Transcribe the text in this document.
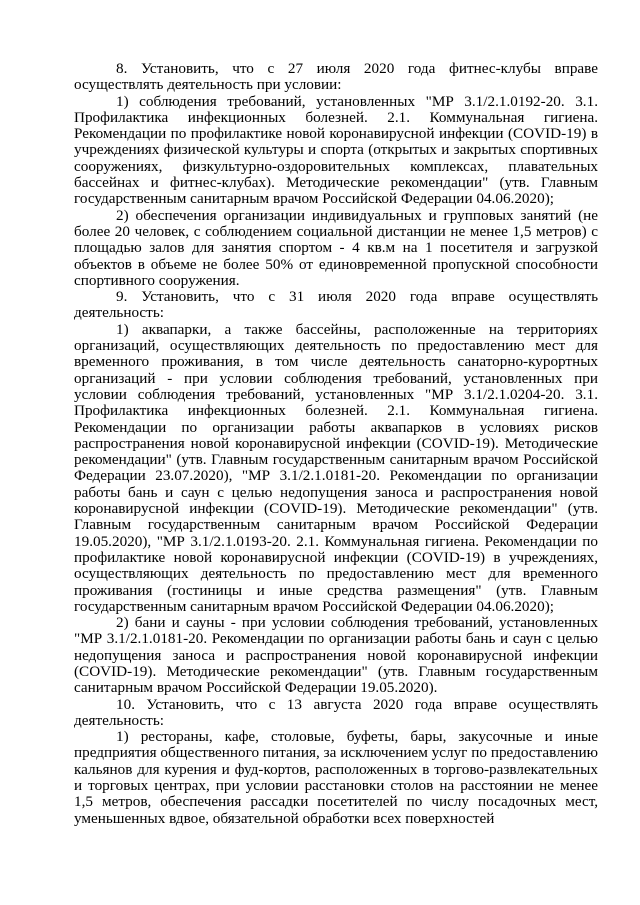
8. Установить, что с 27 июля 2020 года фитнес-клубы вправе осуществлять деятельность при условии:

1) соблюдения требований, установленных "МР 3.1/2.1.0192-20. 3.1. Профилактика инфекционных болезней. 2.1. Коммунальная гигиена. Рекомендации по профилактике новой коронавирусной инфекции (COVID-19) в учреждениях физической культуры и спорта (открытых и закрытых спортивных сооружениях, физкультурно-оздоровительных комплексах, плавательных бассейнах и фитнес-клубах). Методические рекомендации" (утв. Главным государственным санитарным врачом Российской Федерации 04.06.2020);

2) обеспечения организации индивидуальных и групповых занятий (не более 20 человек, с соблюдением социальной дистанции не менее 1,5 метров) с площадью залов для занятия спортом - 4 кв.м на 1 посетителя и загрузкой объектов в объеме не более 50% от единовременной пропускной способности спортивного сооружения.

9. Установить, что с 31 июля 2020 года вправе осуществлять деятельность:

1) аквапарки, а также бассейны, расположенные на территориях организаций, осуществляющих деятельность по предоставлению мест для временного проживания, в том числе деятельность санаторно-курортных организаций - при условии соблюдения требований, установленных при условии соблюдения требований, установленных "МР 3.1/2.1.0204-20. 3.1. Профилактика инфекционных болезней. 2.1. Коммунальная гигиена. Рекомендации по организации работы аквапарков в условиях рисков распространения новой коронавирусной инфекции (COVID-19). Методические рекомендации" (утв. Главным государственным санитарным врачом Российской Федерации 23.07.2020), "МР 3.1/2.1.0181-20. Рекомендации по организации работы бань и саун с целью недопущения заноса и распространения новой коронавирусной инфекции (COVID-19). Методические рекомендации" (утв. Главным государственным санитарным врачом Российской Федерации 19.05.2020), "МР 3.1/2.1.0193-20. 2.1. Коммунальная гигиена. Рекомендации по профилактике новой коронавирусной инфекции (COVID-19) в учреждениях, осуществляющих деятельность по предоставлению мест для временного проживания (гостиницы и иные средства размещения" (утв. Главным государственным санитарным врачом Российской Федерации 04.06.2020);

2) бани и сауны - при условии соблюдения требований, установленных "МР 3.1/2.1.0181-20. Рекомендации по организации работы бань и саун с целью недопущения заноса и распространения новой коронавирусной инфекции (COVID-19). Методические рекомендации" (утв. Главным государственным санитарным врачом Российской Федерации 19.05.2020).

10. Установить, что с 13 августа 2020 года вправе осуществлять деятельность:

1) рестораны, кафе, столовые, буфеты, бары, закусочные и иные предприятия общественного питания, за исключением услуг по предоставлению кальянов для курения и фуд-кортов, расположенных в торгово-развлекательных и торговых центрах, при условии расстановки столов на расстоянии не менее 1,5 метров, обеспечения рассадки посетителей по числу посадочных мест, уменьшенных вдвое, обязательной обработки всех поверхностей
